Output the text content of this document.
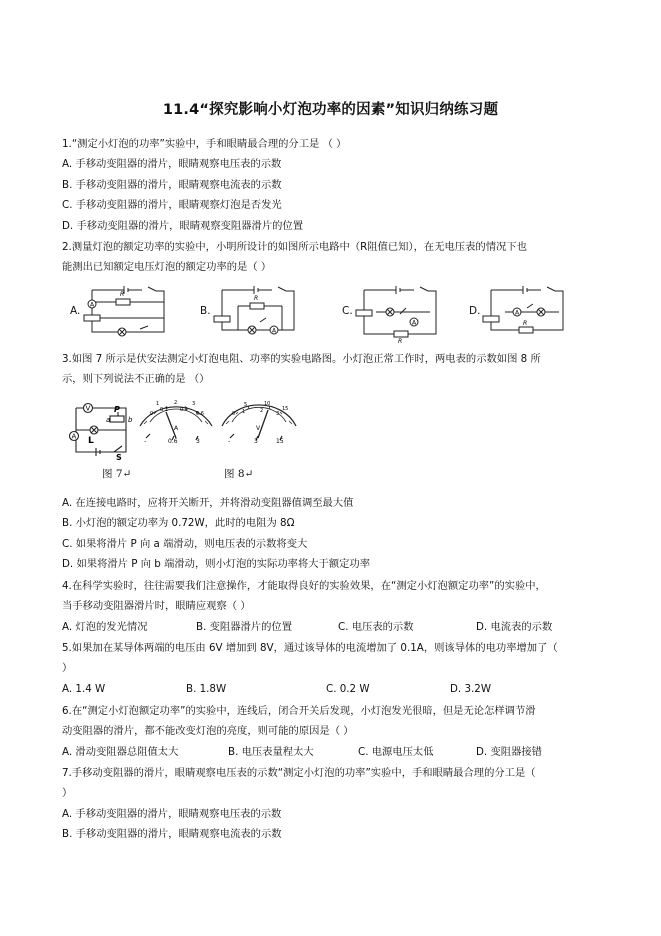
11.4“探究影响小灯泡功率的因素”知识归纳练习题
1.“测定小灯泡的功率”实验中，手和眼睛最合理的分工是 （ ）
A. 手移动变阻器的滑片，眼睛观察电压表的示数
B. 手移动变阻器的滑片，眼睛观察电流表的示数
C. 手移动变阻器的滑片，眼睛观察灯泡是否发光
D. 手移动变阻器的滑片，眼睛观察变阻器滑片的位置
2.测量灯泡的额定功率的实验中，小明所设计的如图所示电路中（R阻值已知），在无电压表的情况下也
能测出已知额定电压灯泡的额定功率的是（ ）
A. A
R
B.
A
R
C.
A
R
D.	A
R
3.如图 7 所示是伏安法测定小灯泡电阻、功率的实验电路图。小灯泡正常工作时，两电表的示数如图 8 所
示，则下列说法不正确的是 （）
V
A L
P
a	b
S
0
0.2 0.4
0.6
1	2	3
A
-	0.6	3
0
5	10
15
1	2	3
V
-	3	15
图 7↵	图 8↵
A. 在连接电路时，应将开关断开，并将滑动变阻器值调至最大值
B. 小灯泡的额定功率为 0.72W，此时的电阻为 8Ω
C. 如果将滑片 P 向 a 端滑动，则电压表的示数将变大
D. 如果将滑片 P 向 b 端滑动，则小灯泡的实际功率将大于额定功率
4.在科学实验时，往往需要我们注意操作，才能取得良好的实验效果，在“测定小灯泡额定功率”的实验中，
当手移动变阻器滑片时，眼睛应观察（ ）
A. 灯泡的发光情况	B. 变阻器滑片的位置	C. 电压表的示数	D. 电流表的示数
5.如果加在某导体两端的电压由 6V 增加到 8V，通过该导体的电流增加了 0.1A，则该导体的电功率增加了（
）
A. 1.4 W	B. 1.8W	C. 0.2 W	D. 3.2W
6.在“测定小灯泡额定功率”的实验中，连线后，闭合开关后发现，小灯泡发光很暗，但是无论怎样调节滑
动变阻器的滑片，都不能改变灯泡的亮度，则可能的原因是（ ）
A. 滑动变阻器总阻值太大	B. 电压表量程太大	C. 电源电压太低	D. 变阻器接错
7.手移动变阻器的滑片，眼睛观察电压表的示数“测定小灯泡的功率”实验中，手和眼睛最合理的分工是（
）
A. 手移动变阻器的滑片，眼睛观察电压表的示数
B. 手移动变阻器的滑片，眼睛观察电流表的示数
